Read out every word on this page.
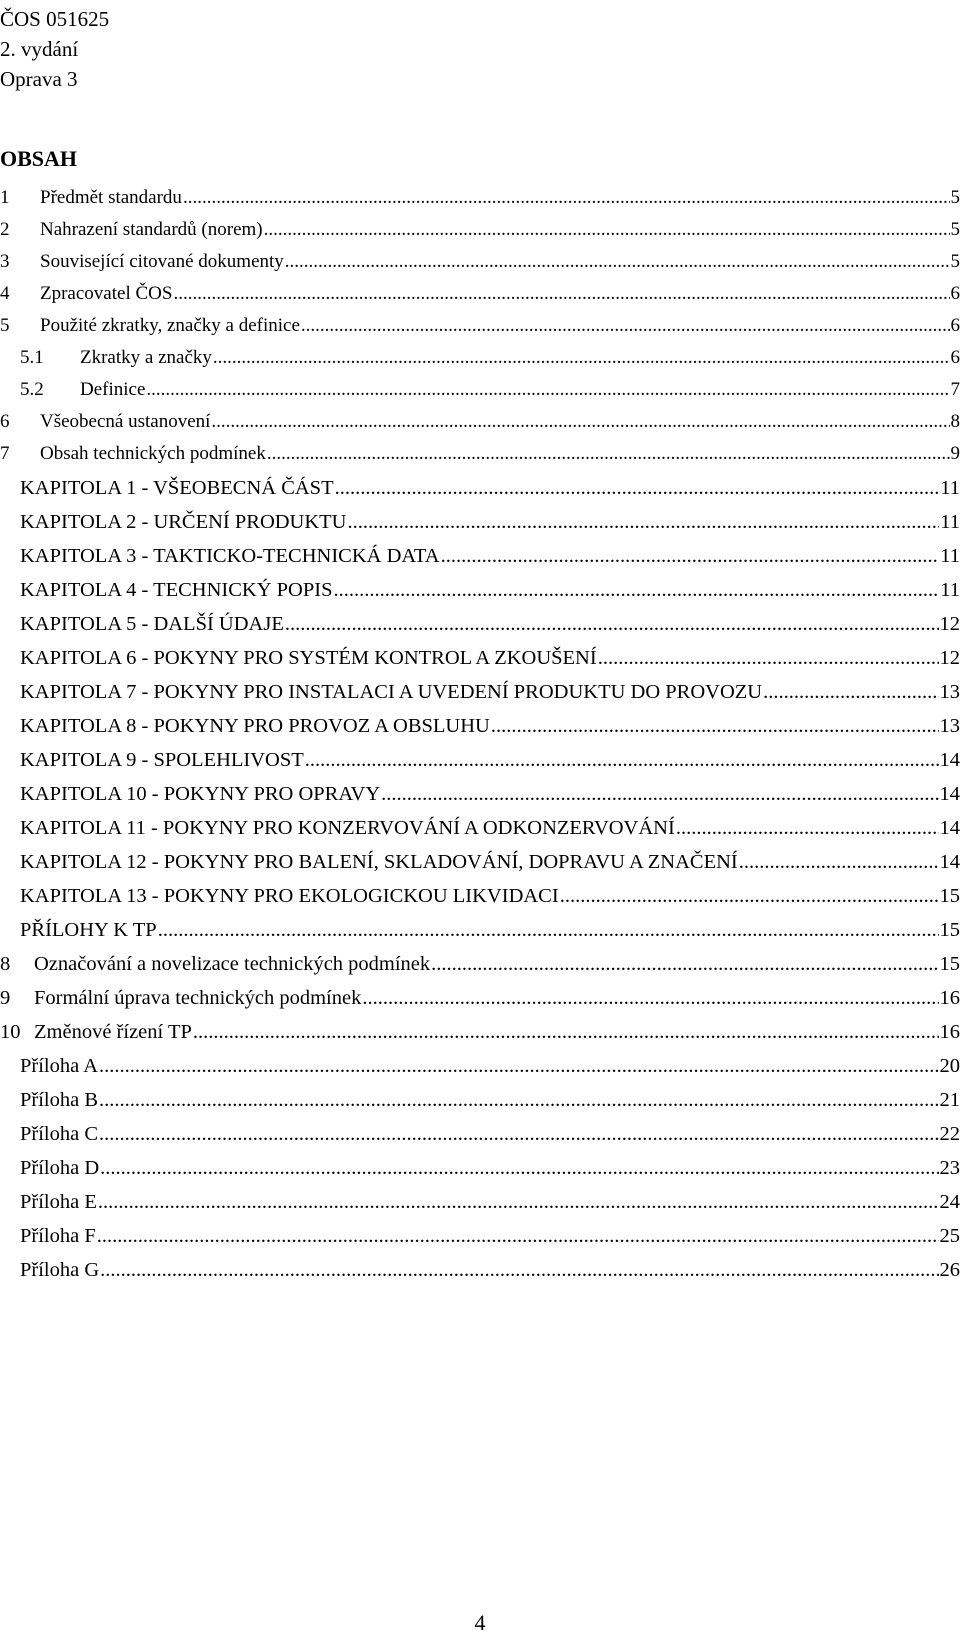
ČOS 051625
2. vydání
Oprava 3
OBSAH
1	Předmět standardu .....	5
2	Nahrazení standardů (norem) .....	5
3	Související citované dokumenty .....	5
4	Zpracovatel ČOS .....	6
5	Použité zkratky, značky a definice .....	6
5.1	Zkratky a značky .....	6
5.2	Definice .....	7
6	Všeobecná ustanovení .....	8
7	Obsah technických podmínek .....	9
KAPITOLA 1 - VŠEOBECNÁ ČÁST .....	11
KAPITOLA 2 - URČENÍ PRODUKTU .....	11
KAPITOLA 3 - TAKTICKO-TECHNICKÁ DATA .....	11
KAPITOLA 4 - TECHNICKÝ POPIS .....	11
KAPITOLA 5 - DALŠÍ ÚDAJE .....	12
KAPITOLA 6 - POKYNY PRO SYSTÉM KONTROL A ZKOUŠENÍ .....	12
KAPITOLA 7 - POKYNY PRO INSTALACI A UVEDENÍ PRODUKTU DO PROVOZU .....	13
KAPITOLA 8 - POKYNY PRO PROVOZ A OBSLUHU .....	13
KAPITOLA 9 - SPOLEHLIVOST .....	14
KAPITOLA 10 - POKYNY PRO OPRAVY .....	14
KAPITOLA 11 - POKYNY PRO KONZERVOVÁNÍ A ODKONZERVOVÁNÍ .....	14
KAPITOLA 12 - POKYNY PRO BALENÍ, SKLADOVÁNÍ, DOPRAVU A ZNAČENÍ .....	14
KAPITOLA 13 - POKYNY PRO EKOLOGICKOU LIKVIDACI .....	15
PŘÍLOHY K TP .....	15
8	Označování a novelizace technických podmínek .....	15
9	Formální úprava technických podmínek .....	16
10 Změnové řízení TP .....	16
Příloha A .....	20
Příloha B .....	21
Příloha C .....	22
Příloha D .....	23
Příloha E .....	24
Příloha F .....	25
Příloha G .....	26
4
